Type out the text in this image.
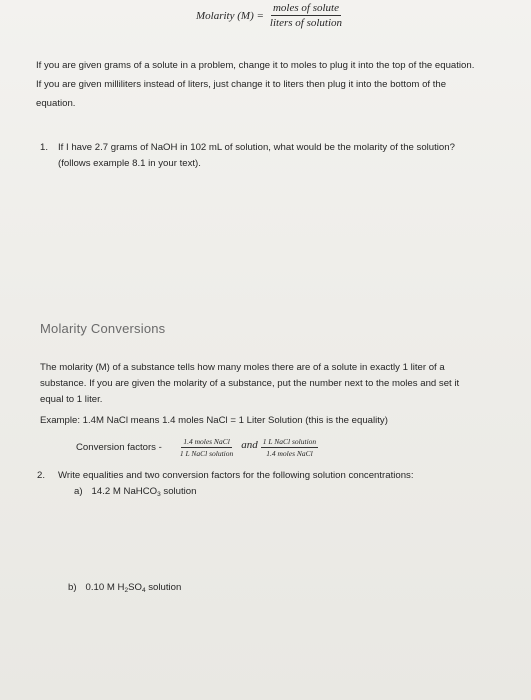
Molarity $(M) = \frac{\text{moles of solute}}{\text{liters of solution}}$
If you are given grams of a solute in a problem, change it to moles to plug it into the top of the equation.
If you are given milliliters instead of liters, just change it to liters then plug it into the bottom of the
equation.
1. If I have 2.7 grams of NaOH in 102 mL of solution, what would be the molarity of the solution?
(follows example 8.1 in your text).
Molarity Conversions
The molarity (M) of a substance tells how many moles there are of a solute in exactly 1 liter of a
substance. If you are given the molarity of a substance, put the number next to the moles and set it
equal to 1 liter.
Example: 1.4M NaCl means 1.4 moles NaCl = 1 Liter Solution (this is the equality)
Conversion factors - $\frac{\text{1.4 moles NaCl}}{\text{1 L NaCl solution}}$ and $\frac{\text{1 L NaCl solution}}{\text{1.4 moles NaCl}}$
2. Write equalities and two conversion factors for the following solution concentrations:
a) 14.2 M NaHCO$_3$ solution
b) 0.10 M $H_2SO_4$ solution
